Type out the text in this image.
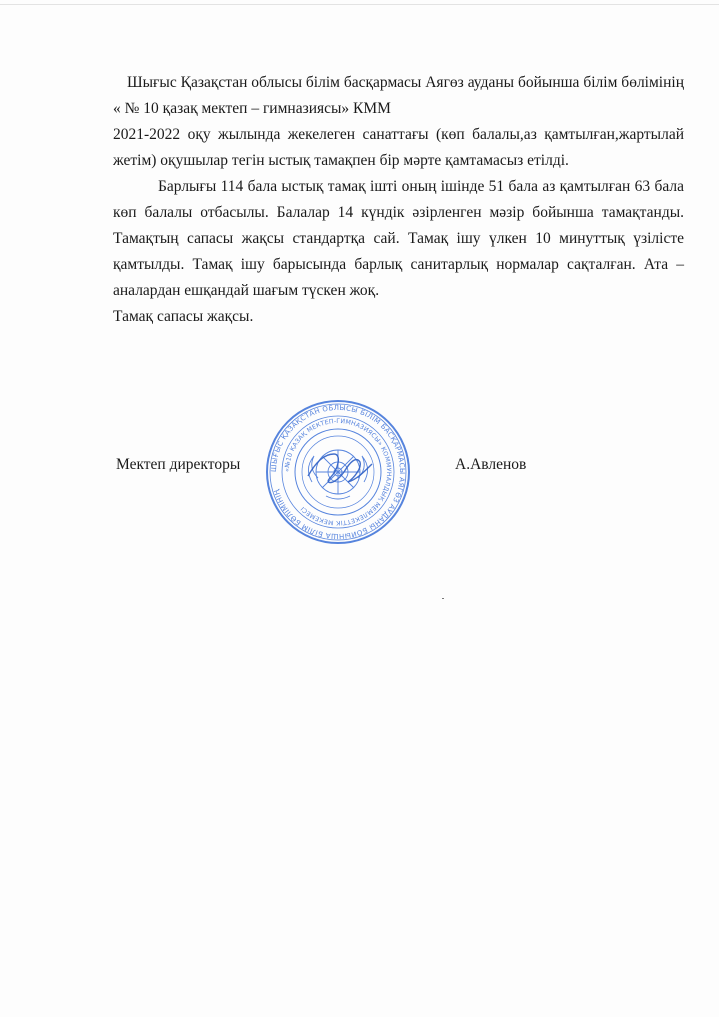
Шығыс Қазақстан облысы білім басқармасы Аягөз ауданы бойынша білім бөлімінің « № 10 қазақ мектеп – гимназиясы» КММ

2021-2022 оқу жылында жекелеген санаттағы (көп балалы,аз қамтылған,жартылай жетім) оқушылар тегін ыстық тамақпен бір мәрте қамтамасыз етілді.

Барлығы 114 бала ыстық тамақ ішті оның ішінде 51 бала аз қамтылған 63 бала көп балалы отбасылы. Балалар 14 күндік әзірленген мәзір бойынша тамақтанды. Тамақтың сапасы жақсы стандартқа сай. Тамақ ішу үлкен 10 минуттық үзілісте қамтылды. Тамақ ішу барысында барлық санитарлық нормалар сақталған. Ата – аналардан ешқандай шағым түскен жоқ.

Тамақ сапасы жақсы.

Мектеп директоры	ШЫҒЫС ҚАЗАҚСТАН ОБЛЫСЫ БІЛІМ БАСҚАРМАСЫ АЯГӨЗ АУДАНЫ БОЙЫНША БІЛІМ БӨЛІМІНІҢ
«№10 ҚАЗАҚ МЕКТЕП-ГИМНАЗИЯСЫ» КОММУНАЛДЫҚ МЕМЛЕКЕТТІК МЕКЕМЕСІ
А.Авленов
